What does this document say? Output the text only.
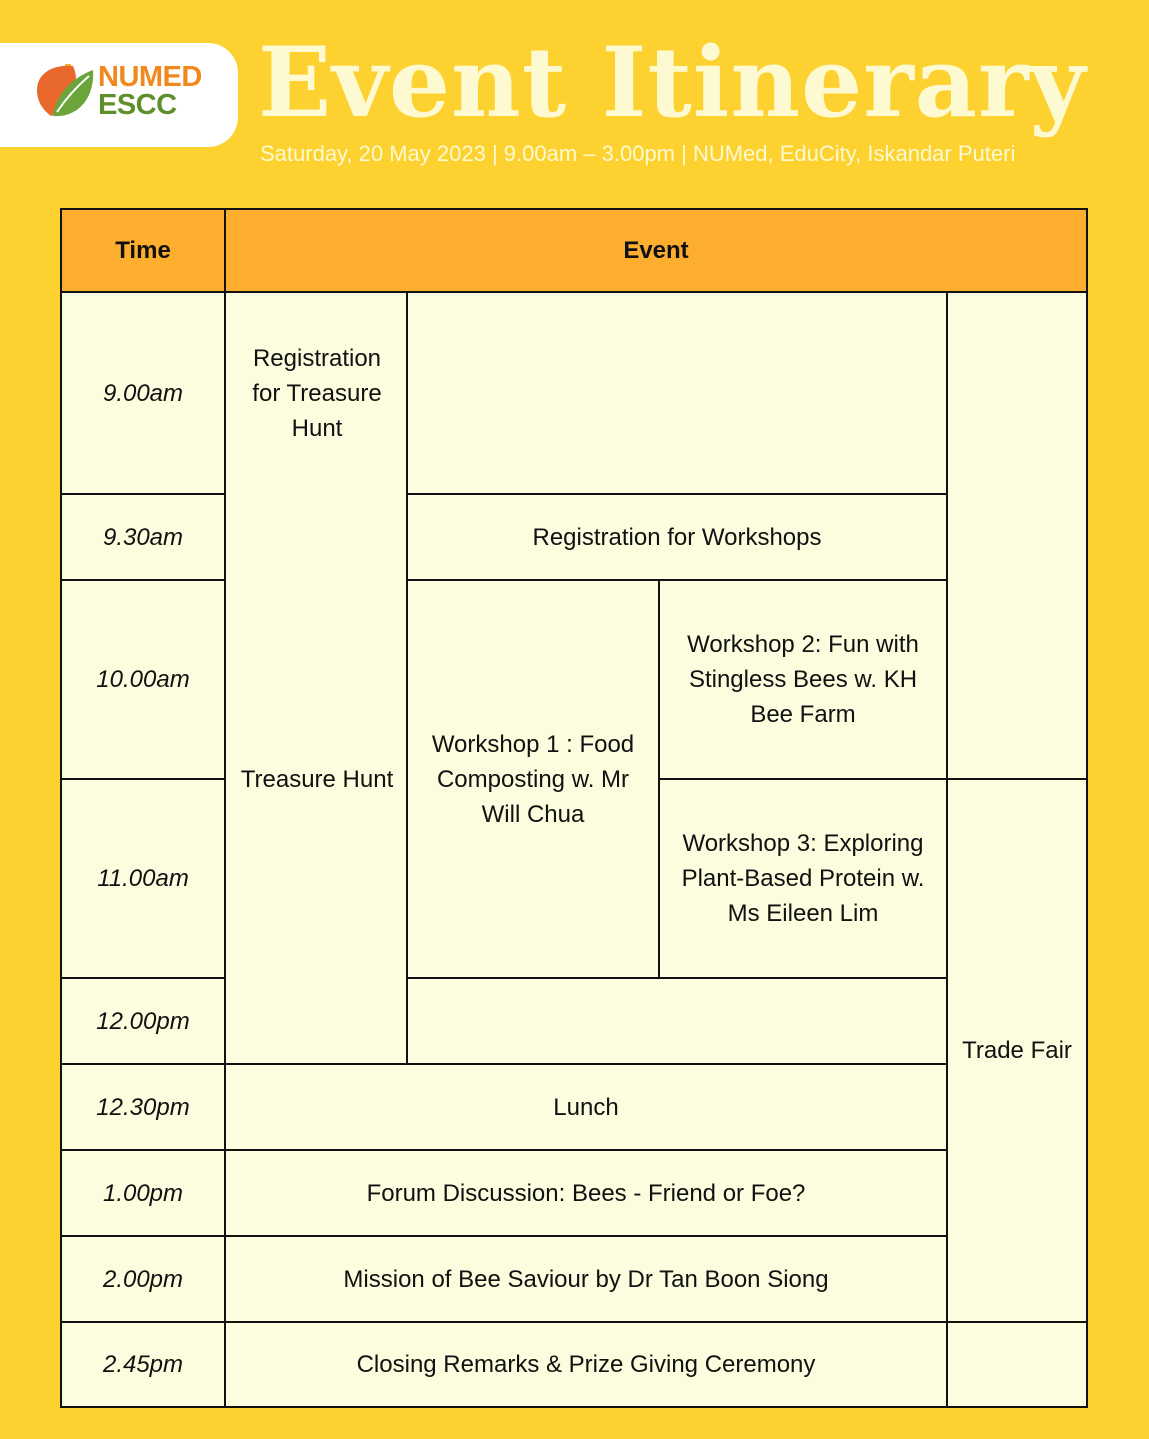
NUMED
ESCC Event Itinerary
Saturday, 20 May 2023 | 9.00am – 3.00pm | NUMed, EduCity, Iskandar Puteri
Time	Event
9.00am
9.30am
10.00am
11.00am
12.00pm
12.30pm
1.00pm
2.00pm
2.45pm
Registration for Treasure Hunt
Registration for Workshops
Treasure Hunt
Workshop 1 : Food Composting w. Mr Will Chua
Workshop 2: Fun with Stingless Bees w. KH Bee Farm
Workshop 3: Exploring Plant-Based Protein w. Ms Eileen Lim
Trade Fair
Lunch
Forum Discussion: Bees - Friend or Foe?
Mission of Bee Saviour by Dr Tan Boon Siong
Closing Remarks & Prize Giving Ceremony
